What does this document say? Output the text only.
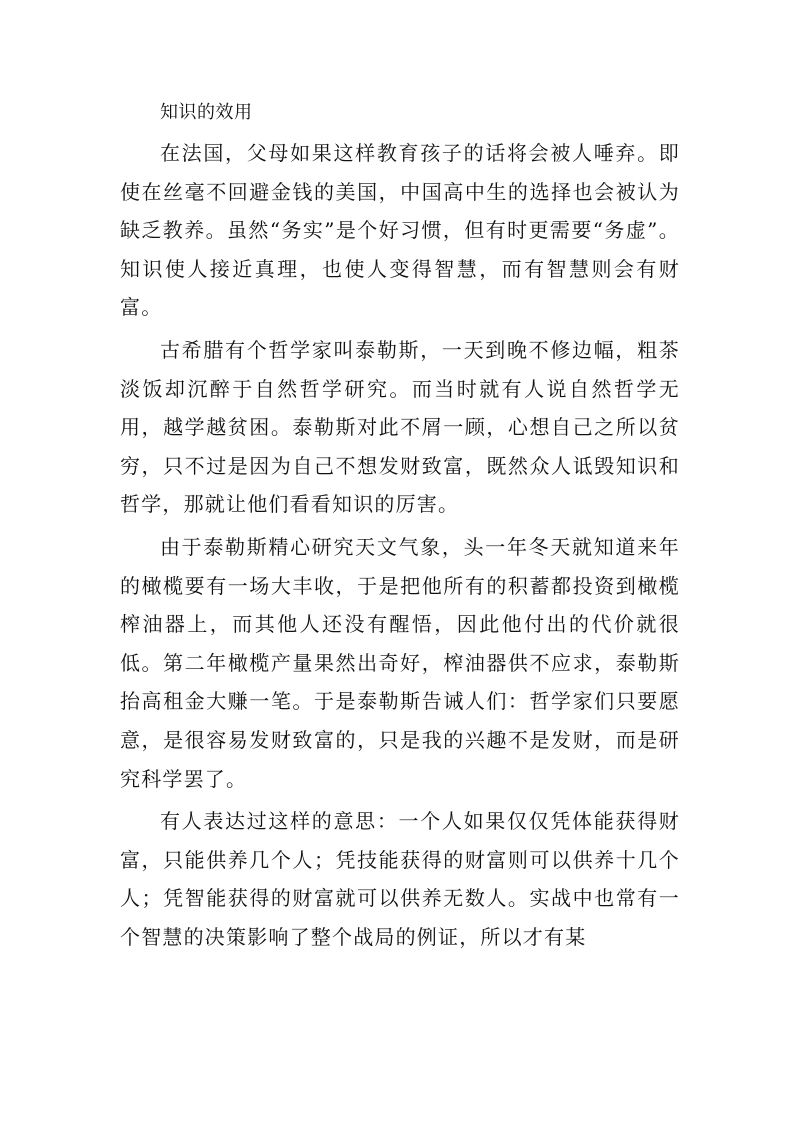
知识的效用

在法国，父母如果这样教育孩子的话将会被人唾弃。即使在丝毫不回避金钱的美国，中国高中生的选择也会被认为缺乏教养。虽然“务实”是个好习惯，但有时更需要“务虚”。知识使人接近真理，也使人变得智慧，而有智慧则会有财富。

古希腊有个哲学家叫泰勒斯，一天到晚不修边幅，粗茶淡饭却沉醉于自然哲学研究。而当时就有人说自然哲学无用，越学越贫困。泰勒斯对此不屑一顾，心想自己之所以贫穷，只不过是因为自己不想发财致富，既然众人诋毁知识和哲学，那就让他们看看知识的厉害。

由于泰勒斯精心研究天文气象，头一年冬天就知道来年的橄榄要有一场大丰收，于是把他所有的积蓄都投资到橄榄榨油器上，而其他人还没有醒悟，因此他付出的代价就很低。第二年橄榄产量果然出奇好，榨油器供不应求，泰勒斯抬高租金大赚一笔。于是泰勒斯告诫人们：哲学家们只要愿意，是很容易发财致富的，只是我的兴趣不是发财，而是研究科学罢了。

有人表达过这样的意思：一个人如果仅仅凭体能获得财富，只能供养几个人；凭技能获得的财富则可以供养十几个人；凭智能获得的财富就可以供养无数人。实战中也常有一个智慧的决策影响了整个战局的例证，所以才有某
